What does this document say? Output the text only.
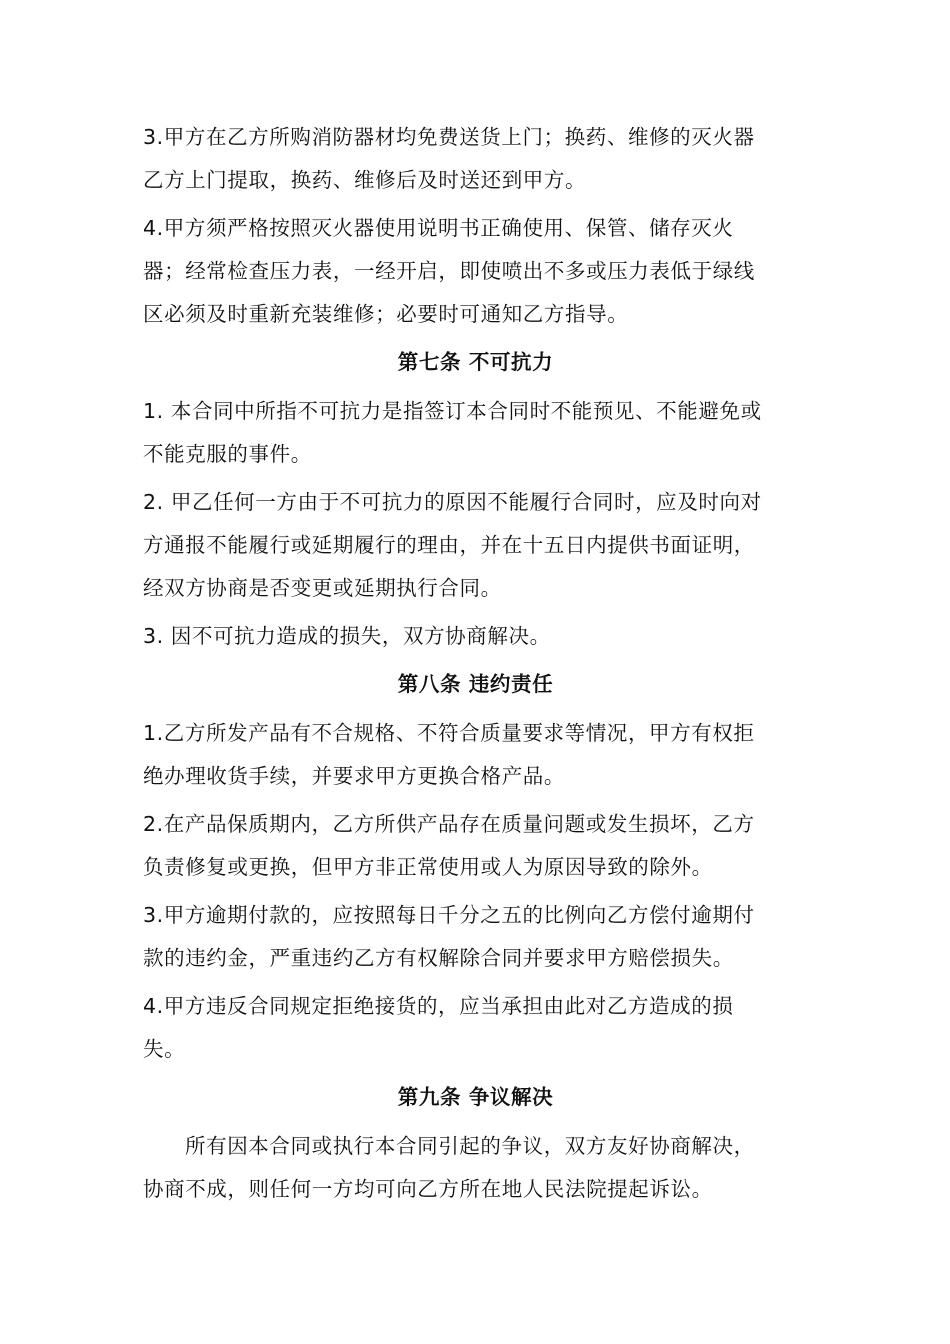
3.甲方在乙方所购消防器材均免费送货上门；换药、维修的灭火器
乙方上门提取，换药、维修后及时送还到甲方。
4.甲方须严格按照灭火器使用说明书正确使用、保管、储存灭火
器；经常检查压力表，一经开启，即使喷出不多或压力表低于绿线
区必须及时重新充装维修；必要时可通知乙方指导。
第七条 不可抗力
1. 本合同中所指不可抗力是指签订本合同时不能预见、不能避免或
不能克服的事件。
2. 甲乙任何一方由于不可抗力的原因不能履行合同时，应及时向对
方通报不能履行或延期履行的理由，并在十五日内提供书面证明，
经双方协商是否变更或延期执行合同。
3. 因不可抗力造成的损失，双方协商解决。
第八条 违约责任
1.乙方所发产品有不合规格、不符合质量要求等情况，甲方有权拒
绝办理收货手续，并要求甲方更换合格产品。
2.在产品保质期内，乙方所供产品存在质量问题或发生损坏，乙方
负责修复或更换，但甲方非正常使用或人为原因导致的除外。
3.甲方逾期付款的，应按照每日千分之五的比例向乙方偿付逾期付
款的违约金，严重违约乙方有权解除合同并要求甲方赔偿损失。
4.甲方违反合同规定拒绝接货的，应当承担由此对乙方造成的损
失。
第九条 争议解决
所有因本合同或执行本合同引起的争议，双方友好协商解决，
协商不成，则任何一方均可向乙方所在地人民法院提起诉讼。
